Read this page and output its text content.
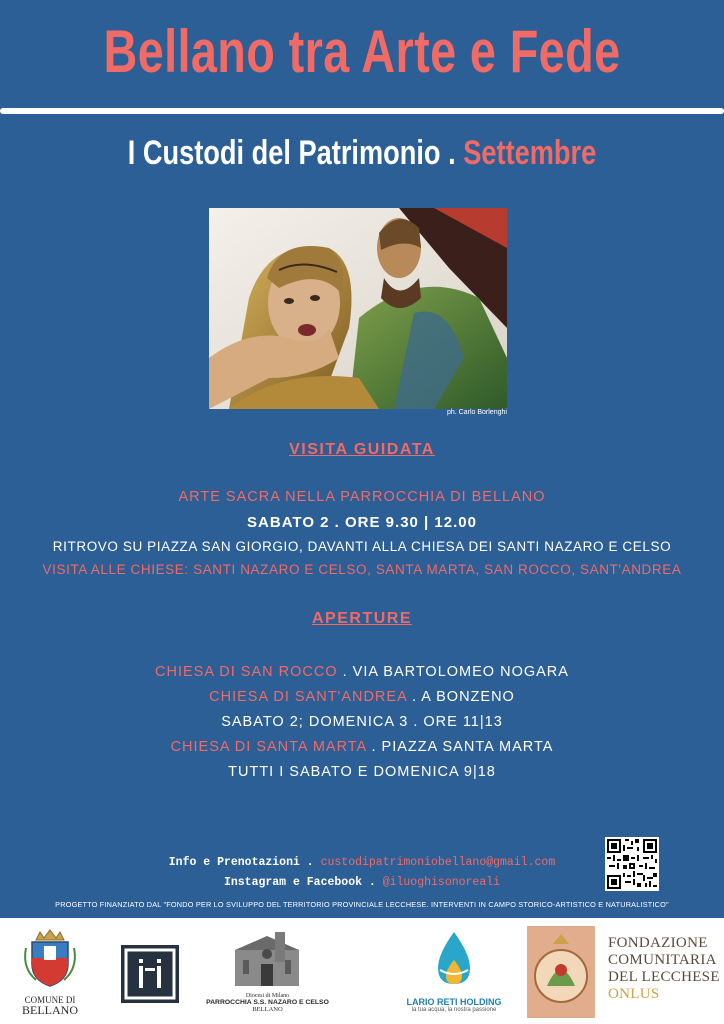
Bellano tra Arte e Fede
I Custodi del Patrimonio . Settembre
ph. Carlo Borlenghi
VISITA GUIDATA
ARTE SACRA NELLA PARROCCHIA DI BELLANO
SABATO 2 . ORE 9.30 | 12.00
RITROVO SU PIAZZA SAN GIORGIO, DAVANTI ALLA CHIESA DEI SANTI NAZARO E CELSO
VISITA ALLE CHIESE: SANTI NAZARO E CELSO, SANTA MARTA, SAN ROCCO, SANT'ANDREA
APERTURE
CHIESA DI SAN ROCCO . VIA BARTOLOMEO NOGARA
CHIESA DI SANT'ANDREA . A BONZENO
SABATO 2; DOMENICA 3 . ORE 11|13
CHIESA DI SANTA MARTA . PIAZZA SANTA MARTA
TUTTI I SABATO E DOMENICA 9|18
Info e Prenotazioni . custodipatrimoniobellano@gmail.com
Instagram e Facebook . @iluoghisonoreali
PROGETTO FINANZIATO DAL "FONDO PER LO SVILUPPO DEL TERRITORIO PROVINCIALE LECCHESE. INTERVENTI IN CAMPO STORICO-ARTISTICO E NATURALISTICO"
COMUNE DI
BELLANO
Diocesi di Milano
PARROCCHIA S.S. NAZARO E CELSO
BELLANO
LARIO RETI HOLDING
la tua acqua, la nostra passione
FONDAZIONE
COMUNITARIA
DEL LECCHESE
ONLUS
